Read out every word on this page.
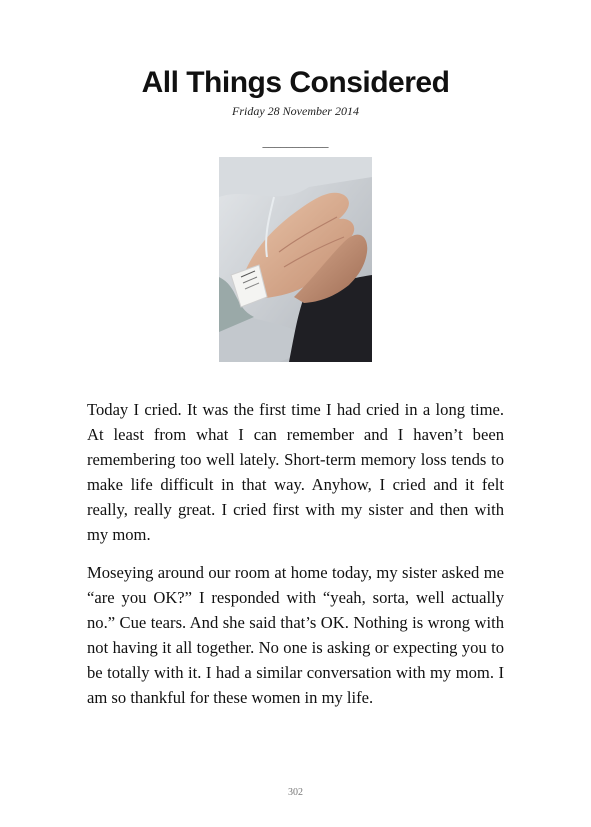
All Things Considered
Friday 28 November 2014
___________

Today I cried. It was the first time I had cried in a long time. At least from what I can remember and I haven’t been remembering too well lately. Short-term memory loss tends to make life difficult in that way. Anyhow, I cried and it felt really, really great. I cried first with my sister and then with my mom.

Moseying around our room at home today, my sister asked me “are you OK?” I responded with “yeah, sorta, well actually no.” Cue tears. And she said that’s OK. Nothing is wrong with not having it all together. No one is asking or expecting you to be totally with it. I had a similar conversation with my mom. I am so thankful for these women in my life.

302
